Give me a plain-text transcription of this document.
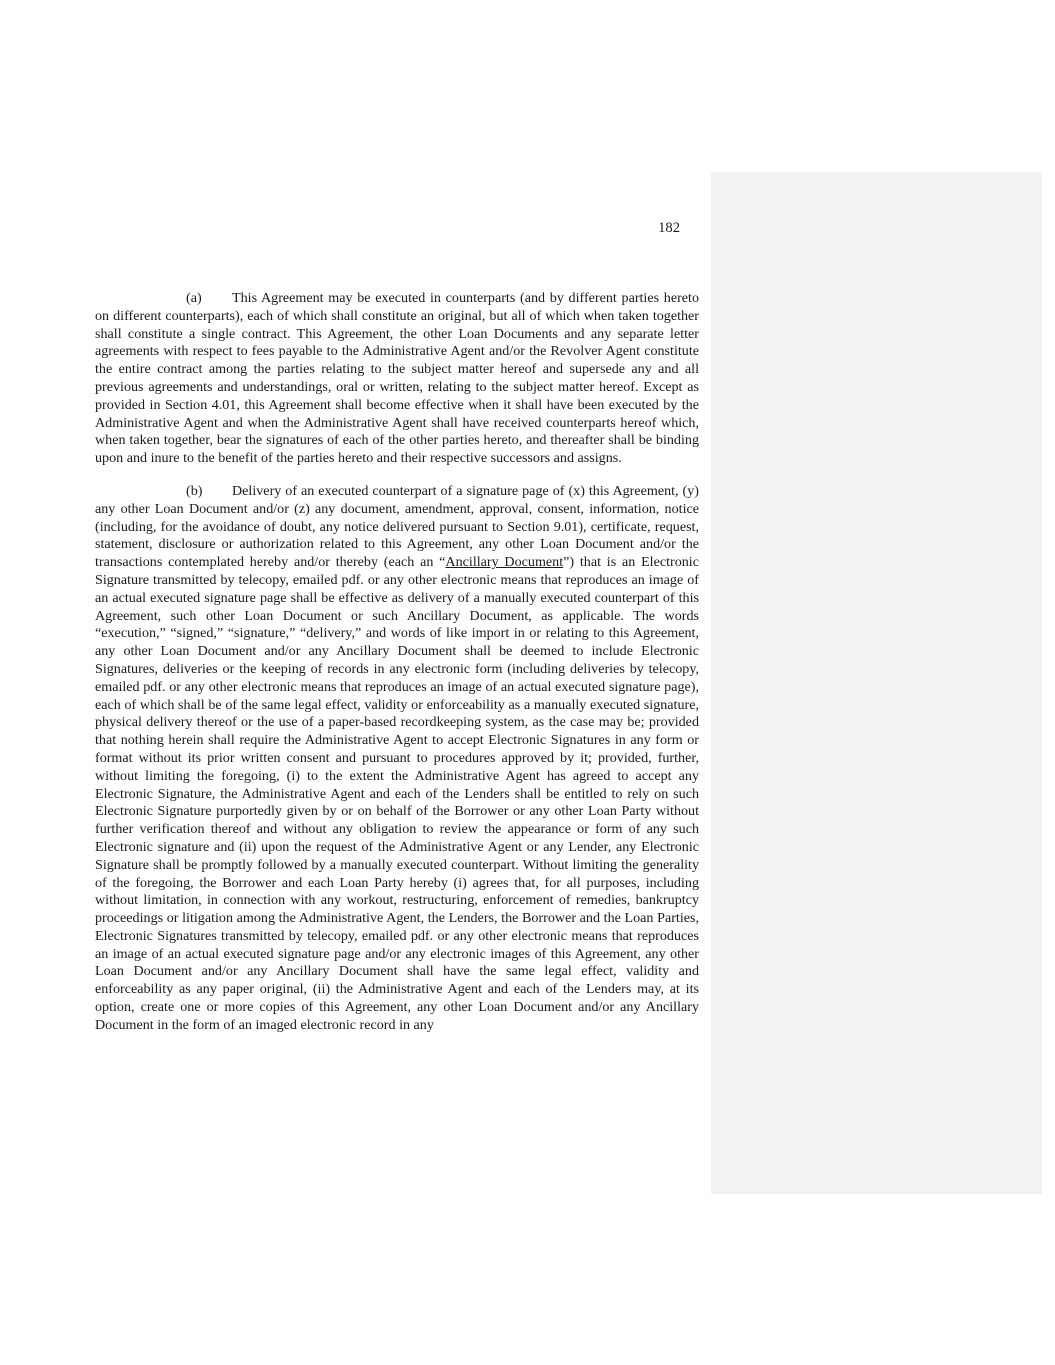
182

(a) This Agreement may be executed in counterparts (and by different parties hereto on different counterparts), each of which shall constitute an original, but all of which when taken together shall constitute a single contract. This Agreement, the other Loan Documents and any separate letter agreements with respect to fees payable to the Administrative Agent and/or the Revolver Agent constitute the entire contract among the parties relating to the subject matter hereof and supersede any and all previous agreements and understandings, oral or written, relating to the subject matter hereof. Except as provided in Section 4.01, this Agreement shall become effective when it shall have been executed by the Administrative Agent and when the Administrative Agent shall have received counterparts hereof which, when taken together, bear the signatures of each of the other parties hereto, and thereafter shall be binding upon and inure to the benefit of the parties hereto and their respective successors and assigns.

(b) Delivery of an executed counterpart of a signature page of (x) this Agreement, (y) any other Loan Document and/or (z) any document, amendment, approval, consent, information, notice (including, for the avoidance of doubt, any notice delivered pursuant to Section 9.01), certificate, request, statement, disclosure or authorization related to this Agreement, any other Loan Document and/or the transactions contemplated hereby and/or thereby (each an “Ancillary Document”) that is an Electronic Signature transmitted by telecopy, emailed pdf. or any other electronic means that reproduces an image of an actual executed signature page shall be effective as delivery of a manually executed counterpart of this Agreement, such other Loan Document or such Ancillary Document, as applicable. The words “execution,” “signed,” “signature,” “delivery,” and words of like import in or relating to this Agreement, any other Loan Document and/or any Ancillary Document shall be deemed to include Electronic Signatures, deliveries or the keeping of records in any electronic form (including deliveries by telecopy, emailed pdf. or any other electronic means that reproduces an image of an actual executed signature page), each of which shall be of the same legal effect, validity or enforceability as a manually executed signature, physical delivery thereof or the use of a paper-based recordkeeping system, as the case may be; provided that nothing herein shall require the Administrative Agent to accept Electronic Signatures in any form or format without its prior written consent and pursuant to procedures approved by it; provided, further, without limiting the foregoing, (i) to the extent the Administrative Agent has agreed to accept any Electronic Signature, the Administrative Agent and each of the Lenders shall be entitled to rely on such Electronic Signature purportedly given by or on behalf of the Borrower or any other Loan Party without further verification thereof and without any obligation to review the appearance or form of any such Electronic signature and (ii) upon the request of the Administrative Agent or any Lender, any Electronic Signature shall be promptly followed by a manually executed counterpart. Without limiting the generality of the foregoing, the Borrower and each Loan Party hereby (i) agrees that, for all purposes, including without limitation, in connection with any workout, restructuring, enforcement of remedies, bankruptcy proceedings or litigation among the Administrative Agent, the Lenders, the Borrower and the Loan Parties, Electronic Signatures transmitted by telecopy, emailed pdf. or any other electronic means that reproduces an image of an actual executed signature page and/or any electronic images of this Agreement, any other Loan Document and/or any Ancillary Document shall have the same legal effect, validity and enforceability as any paper original, (ii) the Administrative Agent and each of the Lenders may, at its option, create one or more copies of this Agreement, any other Loan Document and/or any Ancillary Document in the form of an imaged electronic record in any
